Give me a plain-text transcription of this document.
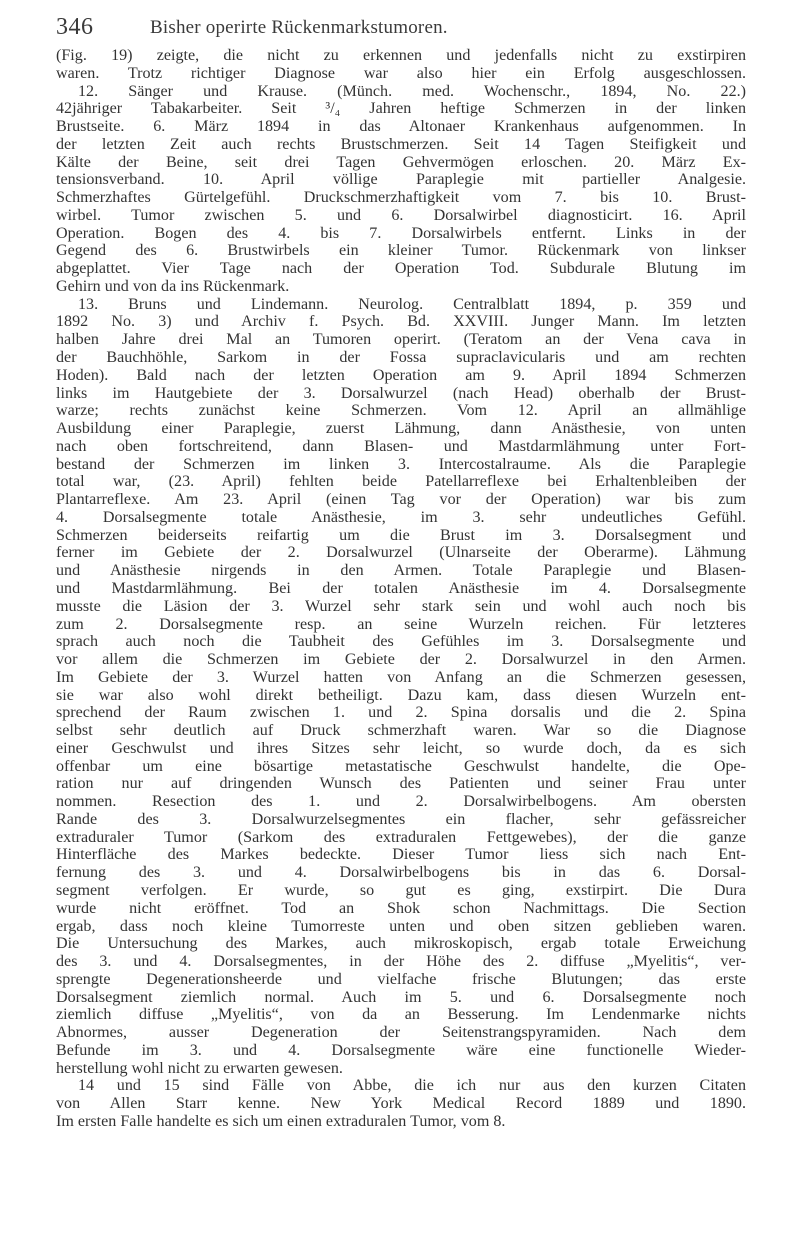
346	Bisher operirte Rückenmarkstumoren.
(Fig. 19) zeigte, die nicht zu erkennen und jedenfalls nicht zu exstirpiren
waren. Trotz richtiger Diagnose war also hier ein Erfolg ausgeschlossen.
12. Sänger und Krause. (Münch. med. Wochenschr., 1894, No. 22.)
42jähriger Tabakarbeiter. Seit ³/₄ Jahren heftige Schmerzen in der linken
Brustseite. 6. März 1894 in das Altonaer Krankenhaus aufgenommen. In
der letzten Zeit auch rechts Brustschmerzen. Seit 14 Tagen Steifigkeit und
Kälte der Beine, seit drei Tagen Gehvermögen erloschen. 20. März Ex-
tensionsverband. 10. April völlige Paraplegie mit partieller Analgesie.
Schmerzhaftes Gürtelgefühl. Druckschmerzhaftigkeit vom 7. bis 10. Brust-
wirbel. Tumor zwischen 5. und 6. Dorsalwirbel diagnosticirt. 16. April
Operation. Bogen des 4. bis 7. Dorsalwirbels entfernt. Links in der
Gegend des 6. Brustwirbels ein kleiner Tumor. Rückenmark von linkser
abgeplattet. Vier Tage nach der Operation Tod. Subdurale Blutung im
Gehirn und von da ins Rückenmark.
13. Bruns und Lindemann. Neurolog. Centralblatt 1894, p. 359 und
1892 No. 3) und Archiv f. Psych. Bd. XXVIII. Junger Mann. Im letzten
halben Jahre drei Mal an Tumoren operirt. (Teratom an der Vena cava in
der Bauchhöhle, Sarkom in der Fossa supraclavicularis und am rechten
Hoden). Bald nach der letzten Operation am 9. April 1894 Schmerzen
links im Hautgebiete der 3. Dorsalwurzel (nach Head) oberhalb der Brust-
warze; rechts zunächst keine Schmerzen. Vom 12. April an allmählige
Ausbildung einer Paraplegie, zuerst Lähmung, dann Anästhesie, von unten
nach oben fortschreitend, dann Blasen- und Mastdarmlähmung unter Fort-
bestand der Schmerzen im linken 3. Intercostalraume. Als die Paraplegie
total war, (23. April) fehlten beide Patellarreflexe bei Erhaltenbleiben der
Plantarreflexe. Am 23. April (einen Tag vor der Operation) war bis zum
4. Dorsalsegmente totale Anästhesie, im 3. sehr undeutliches Gefühl.
Schmerzen beiderseits reifartig um die Brust im 3. Dorsalsegment und
ferner im Gebiete der 2. Dorsalwurzel (Ulnarseite der Oberarme). Lähmung
und Anästhesie nirgends in den Armen. Totale Paraplegie und Blasen-
und Mastdarmlähmung. Bei der totalen Anästhesie im 4. Dorsalsegmente
musste die Läsion der 3. Wurzel sehr stark sein und wohl auch noch bis
zum 2. Dorsalsegmente resp. an seine Wurzeln reichen. Für letzteres
sprach auch noch die Taubheit des Gefühles im 3. Dorsalsegmente und
vor allem die Schmerzen im Gebiete der 2. Dorsalwurzel in den Armen.
Im Gebiete der 3. Wurzel hatten von Anfang an die Schmerzen gesessen,
sie war also wohl direkt betheiligt. Dazu kam, dass diesen Wurzeln ent-
sprechend der Raum zwischen 1. und 2. Spina dorsalis und die 2. Spina
selbst sehr deutlich auf Druck schmerzhaft waren. War so die Diagnose
einer Geschwulst und ihres Sitzes sehr leicht, so wurde doch, da es sich
offenbar um eine bösartige metastatische Geschwulst handelte, die Ope-
ration nur auf dringenden Wunsch des Patienten und seiner Frau unter
nommen. Resection des 1. und 2. Dorsalwirbelbogens. Am obersten
Rande des 3. Dorsalwurzelsegmentes ein flacher, sehr gefässreicher
extraduraler Tumor (Sarkom des extraduralen Fettgewebes), der die ganze
Hinterfläche des Markes bedeckte. Dieser Tumor liess sich nach Ent-
fernung des 3. und 4. Dorsalwirbelbogens bis in das 6. Dorsal-
segment verfolgen. Er wurde, so gut es ging, exstirpirt. Die Dura
wurde nicht eröffnet. Tod an Shok schon Nachmittags. Die Section
ergab, dass noch kleine Tumorreste unten und oben sitzen geblieben waren.
Die Untersuchung des Markes, auch mikroskopisch, ergab totale Erweichung
des 3. und 4. Dorsalsegmentes, in der Höhe des 2. diffuse „Myelitis“, ver-
sprengte Degenerationsheerde und vielfache frische Blutungen; das erste
Dorsalsegment ziemlich normal. Auch im 5. und 6. Dorsalsegmente noch
ziemlich diffuse „Myelitis“, von da an Besserung. Im Lendenmarke nichts
Abnormes, ausser Degeneration der Seitenstrangspyramiden. Nach dem
Befunde im 3. und 4. Dorsalsegmente wäre eine functionelle Wieder-
herstellung wohl nicht zu erwarten gewesen.
14 und 15 sind Fälle von Abbe, die ich nur aus den kurzen Citaten
von Allen Starr kenne. New York Medical Record 1889 und 1890.
Im ersten Falle handelte es sich um einen extraduralen Tumor, vom 8.
